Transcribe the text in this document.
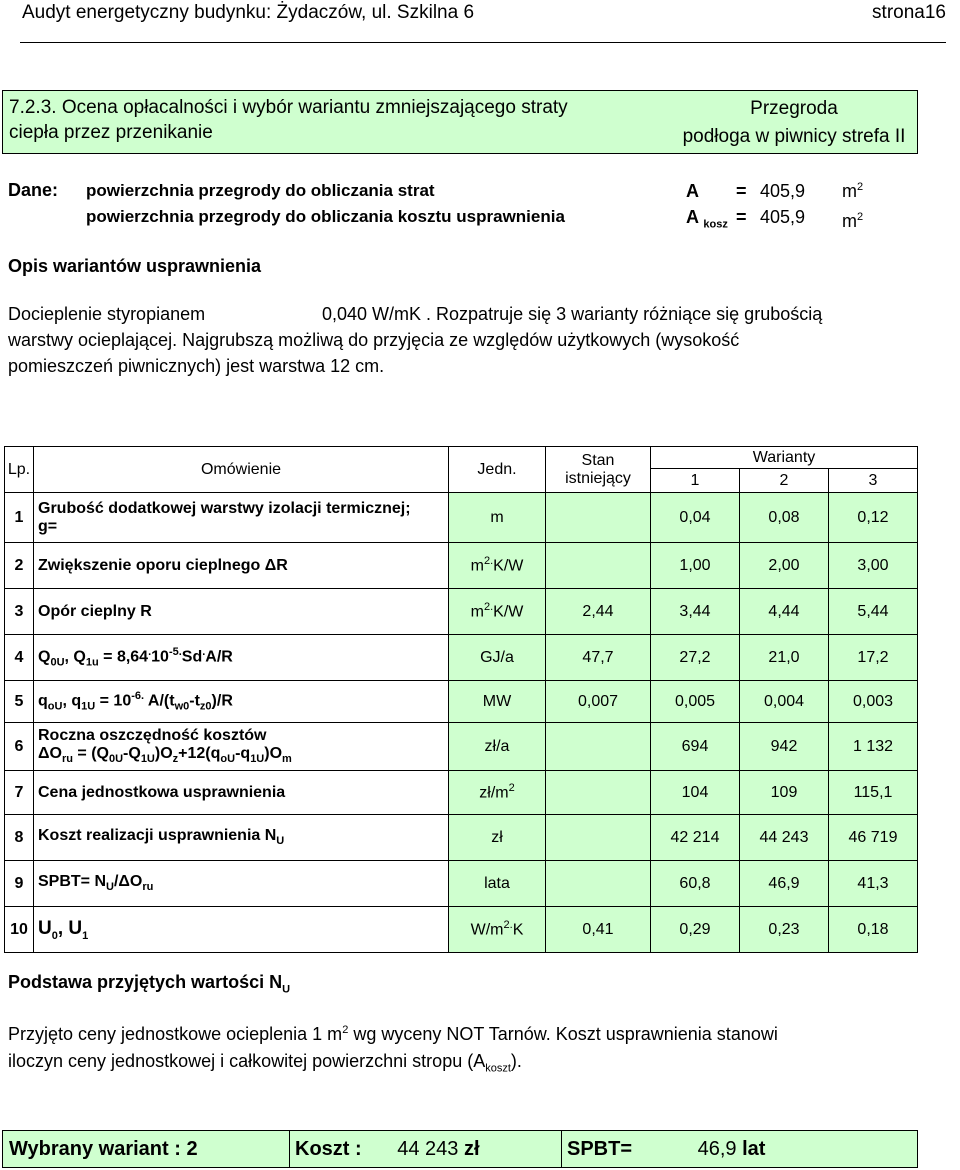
Audyt energetyczny budynku: Żydaczów, ul. Szkilna 6	strona16
7.2.3. Ocena opłacalności i wybór wariantu zmniejszającego straty
ciepła przez przenikanie
Przegroda
podłoga w piwnicy strefa II
Dane: powierzchnia przegrody do obliczania strat	A = 405,9 $m^2$
powierzchnia przegrody do obliczania kosztu usprawnienia	A $_{kosz}$ = 405,9 $m^2$
Opis wariantów usprawnienia
Docieplenie styropianem	0,040 W/mK . Rozpatruje się 3 warianty różniące się grubością
warstwy ocieplającej. Najgrubszą możliwą do przyjęcia ze względów użytkowych (wysokość
pomieszczeń piwnicznych) jest warstwa 12 cm.
Lp.	Omówienie	Jedn.	Stan
istniejący	Warianty		
				1	2	3
1	Grubość dodatkowej warstwy izolacji termicznej;
g=	m		0,04	0,08	0,12
2	Zwiększenie oporu cieplnego ΔR	$m^{2.}K/W$		1,00	2,00	3,00
3	Opór cieplny R	$m^{2.}K/W$	2,44	3,44	4,44	5,44
4	$Q_{0U}$, $Q_{1u} = 8,64^.10^{-5.}Sd^.A/R$	GJ/a	47,7	27,2	21,0	17,2
5	$q_{oU}$, $q_{1U} = 10^{-6.}$ $A/(t_{w0}-t_{z0})/R$	MW	0,007	0,005	0,004	0,003
6	Roczna oszczędność kosztów
$\Delta O_{ru} = (Q_{0U}-Q_{1U})O_z+12(q_{oU}-q_{1U})O_m$	zł/a		694	942	1 132
7	Cena jednostkowa usprawnienia	$zł/m^2$		104	109	115,1
8	Koszt realizacji usprawnienia $N_U$	zł		42 214	44 243	46 719
9	SPBT= $N_U/\Delta O_{ru}$	lata		60,8	46,9	41,3
10	$U_0$, $U_1$	$W/m^{2.}K$	0,41	0,29	0,23	0,18
Podstawa przyjętych wartości $N_U$
Przyjęto ceny jednostkowe ocieplenia 1 $m^2$ wg wyceny NOT Tarnów. Koszt usprawnienia stanowi
iloczyn ceny jednostkowej i całkowitej powierzchni stropu $(A_{koszt})$.
Wybrany wariant : 2	Koszt : 44 243 zł	SPBT=	46,9 lat
